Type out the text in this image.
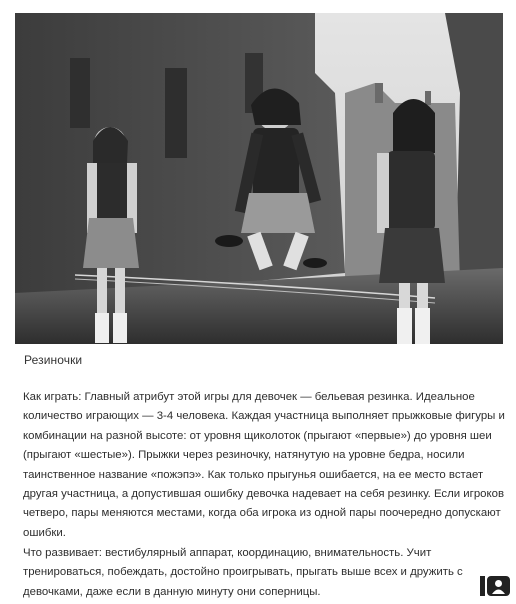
Резиночки
Как играть: Главный атрибут этой игры для девочек — бельевая резинка. Идеальное
количество играющих — 3-4 человека. Каждая участница выполняет прыжковые фигуры и
комбинации на разной высоте: от уровня щиколоток (прыгают «первые») до уровня шеи
(прыгают «шестые»). Прыжки через резиночку, натянутую на уровне бедра, носили
таинственное название «пожэпэ». Как только прыгунья ошибается, на ее место встает
другая участница, а допустившая ошибку девочка надевает на себя резинку. Если игроков
четверо, пары меняются местами, когда оба игрока из одной пары поочередно допускают
ошибки.
Что развивает: вестибулярный аппарат, координацию, внимательность. Учит
тренироваться, побеждать, достойно проигрывать, прыгать выше всех и дружить с
девочками, даже если в данную минуту они соперницы.
